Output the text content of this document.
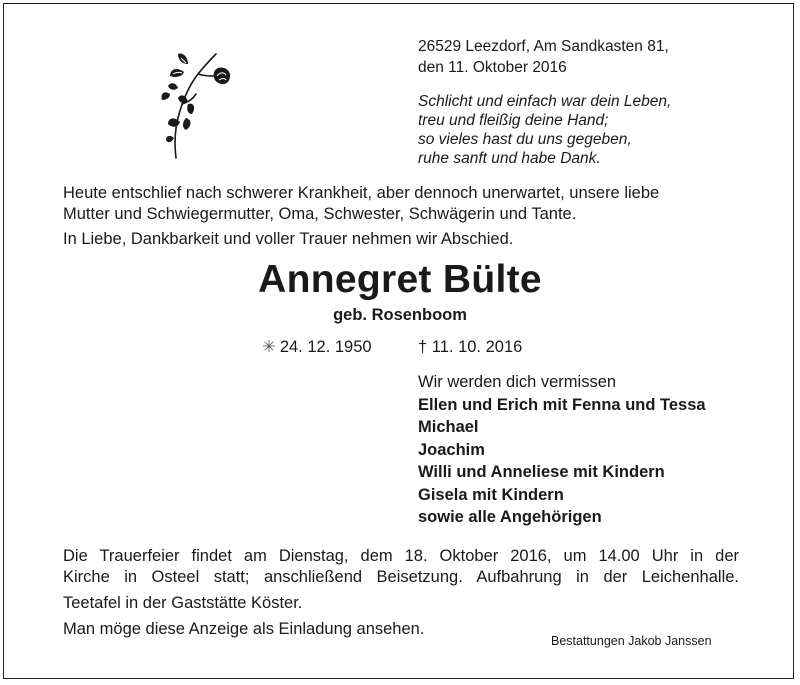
26529 Leezdorf, Am Sandkasten 81,
den 11. Oktober 2016
Schlicht und einfach war dein Leben,
treu und fleißig deine Hand;
so vieles hast du uns gegeben,
ruhe sanft und habe Dank.
Heute entschlief nach schwerer Krankheit, aber dennoch unerwartet, unsere liebe
Mutter und Schwiegermutter, Oma, Schwester, Schwägerin und Tante.
In Liebe, Dankbarkeit und voller Trauer nehmen wir Abschied.
Annegret Bülte
geb. Rosenboom
✳ 24. 12. 1950	† 11. 10. 2016
Wir werden dich vermissen
Ellen und Erich mit Fenna und Tessa
Michael
Joachim
Willi und Anneliese mit Kindern
Gisela mit Kindern
sowie alle Angehörigen
Die Trauerfeier findet am Dienstag, dem 18. Oktober 2016, um 14.00 Uhr in der
Kirche in Osteel statt; anschließend Beisetzung. Aufbahrung in der Leichenhalle.
Teetafel in der Gaststätte Köster.
Man möge diese Anzeige als Einladung ansehen.
Bestattungen Jakob Janssen
